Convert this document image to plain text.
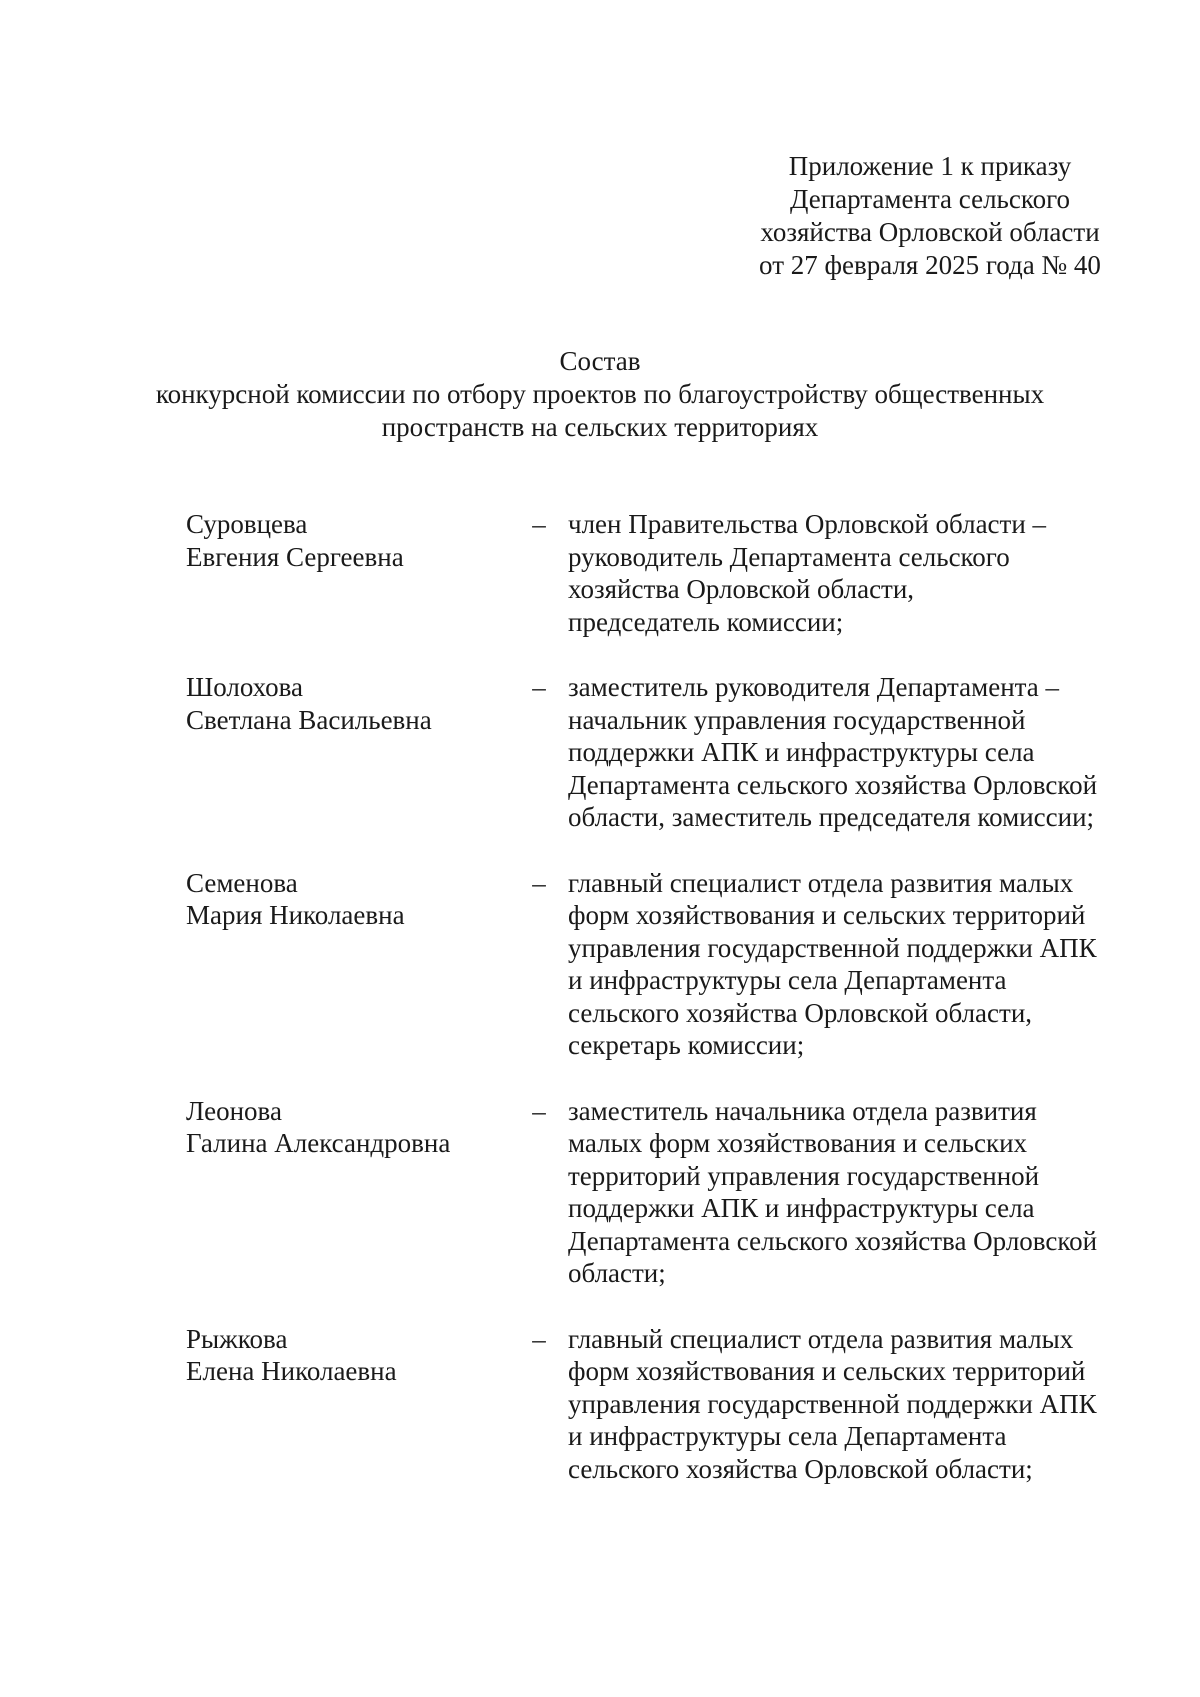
Приложение 1 к приказу
Департамента сельского
хозяйства Орловской области
от 27 февраля 2025 года № 40
Состав
конкурсной комиссии по отбору проектов по благоустройству общественных
пространств на сельских территориях
Суровцева
Евгения Сергеевна
– член Правительства Орловской области –
руководитель Департамента сельского
хозяйства Орловской области,
председатель комиссии;
Шолохова
Светлана Васильевна
– заместитель руководителя Департамента –
начальник управления государственной
поддержки АПК и инфраструктуры села
Департамента сельского хозяйства Орловской
области, заместитель председателя комиссии;
Семенова
Мария Николаевна
– главный специалист отдела развития малых
форм хозяйствования и сельских территорий
управления государственной поддержки АПК
и инфраструктуры села Департамента
сельского хозяйства Орловской области,
секретарь комиссии;
Леонова
Галина Александровна
– заместитель начальника отдела развития
малых форм хозяйствования и сельских
территорий управления государственной
поддержки АПК и инфраструктуры села
Департамента сельского хозяйства Орловской
области;
Рыжкова
Елена Николаевна
– главный специалист отдела развития малых
форм хозяйствования и сельских территорий
управления государственной поддержки АПК
и инфраструктуры села Департамента
сельского хозяйства Орловской области;
